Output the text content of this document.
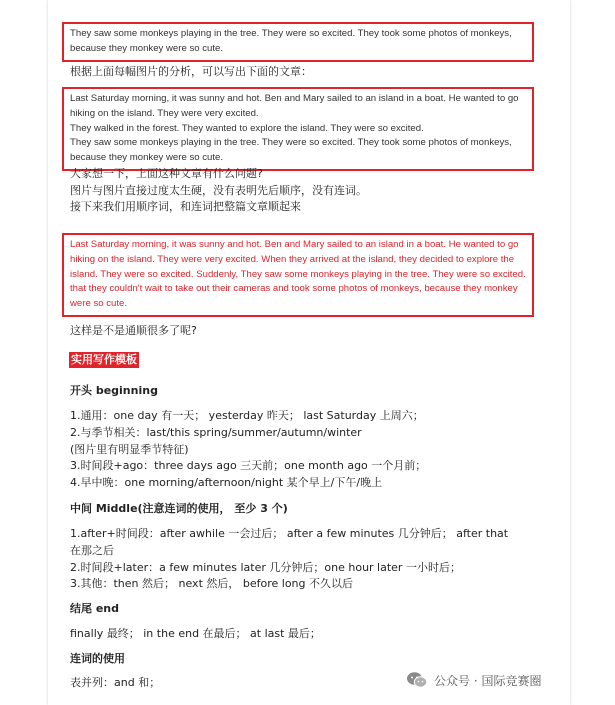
They saw some monkeys playing in the tree. They were so excited. They took some photos of monkeys,

because they monkey were so cute.

根据上面每幅图片的分析，可以写出下面的文章：

Last Saturday morning, it was sunny and hot. Ben and Mary sailed to an island in a boat. He wanted to go

hiking on the island. They were very excited.

They walked in the forest. They wanted to explore the island. They were so excited.

They saw some monkeys playing in the tree. They were so excited. They took some photos of monkeys,

because they monkey were so cute.

大家想一下，上面这种文章有什么问题?

图片与图片直接过度太生硬，没有表明先后顺序，没有连词。

接下来我们用顺序词，和连词把整篇文章顺起来

Last Saturday morning, it was sunny and hot. Ben and Mary sailed to an island in a boat. He wanted to go

hiking on the island. They were very excited. When they arrived at the island, they decided to explore the

island. They were so excited. Suddenly, They saw some monkeys playing in the tree. They were so excited.

that they couldn't wait to take out their cameras and took some photos of monkeys, because they monkey

were so cute.

这样是不是通顺很多了呢?

实用写作模板

开头 beginning

1.通用：one day 有一天； yesterday 昨天； last Saturday 上周六；

2.与季节相关：last/this spring/summer/autumn/winter

(图片里有明显季节特征)

3.时间段+ago：three days ago 三天前；one month ago 一个月前；

4.早中晚：one morning/afternoon/night 某个早上/下午/晚上

中间 Middle(注意连词的使用， 至少 3 个)

1.after+时间段：after awhile 一会过后； after a few minutes 几分钟后； after that

在那之后

2.时间段+later：a few minutes later 几分钟后；one hour later 一小时后；

3.其他：then 然后； next 然后， before long 不久以后

结尾 end

finally 最终； in the end 在最后； at last 最后；

连词的使用

表并列：and 和；	公众号 · 国际竞赛圈
